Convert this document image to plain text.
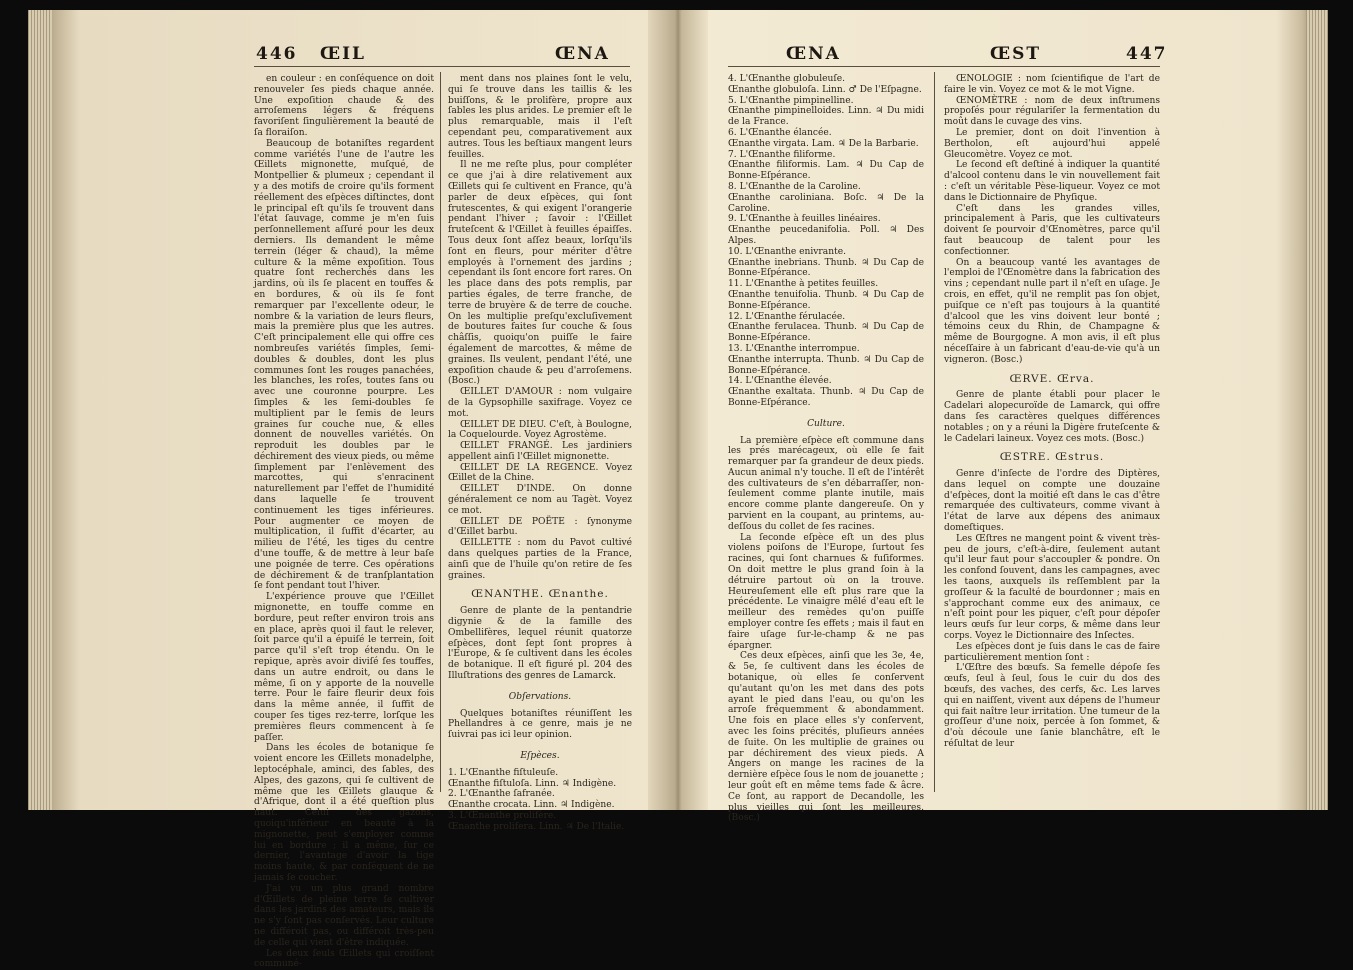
446 ŒIL	ŒNA

en couleur : en conſéquence on doit renouveler ſes pieds chaque année. Une expoſition chaude & des arroſemens légers & fréquens favoriſent ſingulièrement la beauté de ſa floraiſon.

Beaucoup de botaniſtes regardent comme variétés l'une de l'autre les Œillets mignonette, muſqué, de Montpellier & plumeux ; cependant il y a des motifs de croire qu'ils forment réellement des eſpèces diſtinctes, dont le principal eſt qu'ils ſe trouvent dans l'état ſauvage, comme je m'en ſuis perſonnellement aſſuré pour les deux derniers. Ils demandent le même terrein (léger & chaud), la même culture & la même expoſition. Tous quatre ſont recherchés dans les jardins, où ils ſe placent en touffes & en bordures, & où ils ſe font remarquer par l'excellente odeur, le nombre & la variation de leurs fleurs, mais la première plus que les autres. C'eſt principalement elle qui offre ces nombreuſes variétés ſimples, ſemi-doubles & doubles, dont les plus communes ſont les rouges panachées, les blanches, les roſes, toutes ſans ou avec une couronne pourpre. Les ſimples & les ſemi-doubles ſe multiplient par le ſemis de leurs graines ſur couche nue, & elles donnent de nouvelles variétés. On reproduit les doubles par le déchirement des vieux pieds, ou même ſimplement par l'enlèvement des marcottes, qui s'enracinent naturellement par l'effet de l'humidité dans laquelle ſe trouvent continuement les tiges inférieures. Pour augmenter ce moyen de multiplication, il ſuffit d'écarter, au milieu de l'été, les tiges du centre d'une touffe, & de mettre à leur baſe une poignée de terre. Ces opérations de déchirement & de tranſplantation ſe font pendant tout l'hiver.

L'expérience prouve que l'Œillet mignonette, en touffe comme en bordure, peut reſter environ trois ans en place, après quoi il faut le relever, ſoit parce qu'il a épuiſé le terrein, ſoit parce qu'il s'eſt trop étendu. On le repique, après avoir diviſé ſes touffes, dans un autre endroit, ou dans le même, ſi on y apporte de la nouvelle terre. Pour le faire fleurir deux fois dans la même année, il ſuffit de couper ſes tiges rez-terre, lorſque les premières fleurs commencent à ſe paſſer.

Dans les écoles de botanique ſe voient encore les Œillets monadelphe, leptocéphale, aminci, des ſables, des Alpes, des gazons, qui ſe cultivent de même que les Œillets glauque & d'Afrique, dont il a été queſtion plus haut. Celui des gazons, quoiqu'inférieur en beauté à la mignonette, peut s'employer comme lui en bordure ; il a même, ſur ce dernier, l'avantage d'avoir la tige moins haute, & par conſéquent de ne jamais ſe coucher.

J'ai vu un plus grand nombre d'Œillets de pleine terre ſe cultiver dans les jardins des amateurs, mais ils ne s'y ſont pas conſervés. Leur culture ne différoit pas, ou différoit très-peu de celle qui vient d'être indiquée.

Les deux ſeuls Œillets qui croiſſent communé-

ment dans nos plaines ſont le velu, qui ſe trouve dans les taillis & les buiſſons, & le prolifère, propre aux ſables les plus arides. Le premier eſt le plus remarquable, mais il l'eſt cependant peu, comparativement aux autres. Tous les beſtiaux mangent leurs feuilles.

Il ne me reſte plus, pour compléter ce que j'ai à dire relativement aux Œillets qui ſe cultivent en France, qu'à parler de deux eſpèces, qui ſont frutescentes, & qui exigent l'orangerie pendant l'hiver ; ſavoir : l'Œillet fruteſcent & l'Œillet à feuilles épaiſſes. Tous deux ſont aſſez beaux, lorſqu'ils ſont en fleurs, pour mériter d'être employés à l'ornement des jardins ; cependant ils ſont encore fort rares. On les place dans des pots remplis, par parties égales, de terre franche, de terre de bruyère & de terre de couche. On les multiplie preſqu'excluſivement de boutures faites ſur couche & ſous châſſis, quoiqu'on puiſſe le faire également de marcottes, & même de graines. Ils veulent, pendant l'été, une expoſition chaude & peu d'arroſemens. (Bosc.)

ŒILLET D'AMOUR : nom vulgaire de la Gypsophille saxifrage. Voyez ce mot.

ŒILLET DE DIEU. C'eſt, à Boulogne, la Coquelourde. Voyez Agrostème.

ŒILLET FRANGÉ. Les jardiniers appellent ainſi l'Œillet mignonette.

ŒILLET DE LA REGENCE. Voyez Œillet de la Chine.

ŒILLET D'INDE. On donne généralement ce nom au Tagèt. Voyez ce mot.

ŒILLET DE POËTE : ſynonyme d'Œillet barbu.

ŒILLETTE : nom du Pavot cultivé dans quelques parties de la France, ainſi que de l'huile qu'on retire de ſes graines.

ŒNANTHE. Œnanthe.

Genre de plante de la pentandrie digynie & de la famille des Ombellifères, lequel réunit quatorze eſpèces, dont ſept ſont propres à l'Europe, & ſe cultivent dans les écoles de botanique. Il eſt figuré pl. 204 des Illuſtrations des genres de Lamarck.

Obſervations.

Quelques botaniſtes réuniſſent les Phellandres à ce genre, mais je ne ſuivrai pas ici leur opinion.

Eſpèces.

1. L'Œnanthe fiſtuleuſe.

Œnanthe fiſtuloſa. Linn. ♃ Indigène.

2. L'Œnanthe ſafranée.

Œnanthe crocata. Linn. ♃ Indigène.

3. L'Œnanthe prolifère.

Œnanthe prolifera. Linn. ♃ De l'Italie.

ŒNA	ŒST	447

4. L'Œnanthe globuleuſe.

Œnanthe globuloſa. Linn. ♂ De l'Eſpagne.

5. L'Œnanthe pimpinelline.

Œnanthe pimpinelloides. Linn. ♃ Du midi de la France.

6. L'Œnanthe élancée.

Œnanthe virgata. Lam. ♃ De la Barbarie.

7. L'Œnanthe filiforme.

Œnanthe filiformis. Lam. ♃ Du Cap de Bonne-Eſpérance.

8. L'Œnanthe de la Caroline.

Œnanthe caroliniana. Boſc. ♃ De la Caroline.

9. L'Œnanthe à feuilles linéaires.

Œnanthe peucedanifolia. Poll. ♃ Des Alpes.

10. L'Œnanthe enivrante.

Œnanthe inebrians. Thunb. ♃ Du Cap de Bonne-Eſpérance.

11. L'Œnanthe à petites feuilles.

Œnanthe tenuifolia. Thunb. ♃ Du Cap de Bonne-Eſpérance.

12. L'Œnanthe férulacée.

Œnanthe ferulacea. Thunb. ♃ Du Cap de Bonne-Eſpérance.

13. L'Œnanthe interrompue.

Œnanthe interrupta. Thunb. ♃ Du Cap de Bonne-Eſpérance.

14. L'Œnanthe élevée.

Œnanthe exaltata. Thunb. ♃ Du Cap de Bonne-Eſpérance.

Culture.

La première eſpèce eſt commune dans les prés marécageux, où elle ſe fait remarquer par ſa grandeur de deux pieds. Aucun animal n'y touche. Il eſt de l'intérêt des cultivateurs de s'en débarraſſer, non-ſeulement comme plante inutile, mais encore comme plante dangereuſe. On y parvient en la coupant, au printems, au-deſſous du collet de ſes racines.

La ſeconde eſpèce eſt un des plus violens poiſons de l'Europe, ſurtout ſes racines, qui ſont charnues & fuſiformes. On doit mettre le plus grand ſoin à la détruire partout où on la trouve. Heureuſement elle eſt plus rare que la précédente. Le vinaigre mêlé d'eau eſt le meilleur des remèdes qu'on puiſſe employer contre ſes effets ; mais il faut en faire uſage ſur-le-champ & ne pas épargner.

Ces deux eſpèces, ainſi que les 3e, 4e, & 5e, ſe cultivent dans les écoles de botanique, où elles ſe conſervent qu'autant qu'on les met dans des pots ayant le pied dans l'eau, ou qu'on les arroſe fréquemment & abondamment. Une fois en place elles s'y conſervent, avec les ſoins précités, pluſieurs années de ſuite. On les multiplie de graines ou par déchirement des vieux pieds. A Angers on mange les racines de la dernière eſpèce ſous le nom de jouanette ; leur goût eſt en même tems fade & âcre. Ce ſont, au rapport de Decandolle, les plus vieilles qui ſont les meilleures. (Bosc.)

ŒNOLOGIE : nom ſcientifique de l'art de faire le vin. Voyez ce mot & le mot Vigne.

ŒNOMÈTRE : nom de deux inſtrumens propoſés pour régulariſer la fermentation du moût dans le cuvage des vins.

Le premier, dont on doit l'invention à Bertholon, eſt aujourd'hui appelé Gleucomètre. Voyez ce mot.

Le ſecond eſt deſtiné à indiquer la quantité d'alcool contenu dans le vin nouvellement fait : c'eſt un véritable Pèse-liqueur. Voyez ce mot dans le Dictionnaire de Phyſique.

C'eſt dans les grandes villes, principalement à Paris, que les cultivateurs doivent ſe pourvoir d'Œnomètres, parce qu'il faut beaucoup de talent pour les confectionner.

On a beaucoup vanté les avantages de l'emploi de l'Œnomètre dans la fabrication des vins ; cependant nulle part il n'eſt en uſage. Je crois, en effet, qu'il ne remplit pas ſon objet, puiſque ce n'eſt pas toujours à la quantité d'alcool que les vins doivent leur bonté ; témoins ceux du Rhin, de Champagne & même de Bourgogne. A mon avis, il eſt plus néceſſaire à un fabricant d'eau-de-vie qu'à un vigneron. (Bosc.)

ŒRVE. Œrva.

Genre de plante établi pour placer le Cadelari alopecuroïde de Lamarck, qui offre dans ſes caractères quelques différences notables ; on y a réuni la Digère fruteſcente & le Cadelari laineux. Voyez ces mots. (Bosc.)

ŒSTRE. Œstrus.

Genre d'inſecte de l'ordre des Diptères, dans lequel on compte une douzaine d'eſpèces, dont la moitié eſt dans le cas d'être remarquée des cultivateurs, comme vivant à l'état de larve aux dépens des animaux domeſtiques.

Les Œſtres ne mangent point & vivent très-peu de jours, c'eſt-à-dire, ſeulement autant qu'il leur faut pour s'accoupler & pondre. On les confond ſouvent, dans les campagnes, avec les taons, auxquels ils reſſemblent par la groſſeur & la faculté de bourdonner ; mais en s'approchant comme eux des animaux, ce n'eſt point pour les piquer, c'eſt pour dépoſer leurs œufs ſur leur corps, & même dans leur corps. Voyez le Dictionnaire des Inſectes.

Les eſpèces dont je ſuis dans le cas de faire particulièrement mention ſont :

L'Œſtre des bœufs. Sa femelle dépoſe ſes œufs, ſeul à ſeul, ſous le cuir du dos des bœufs, des vaches, des cerfs, &c. Les larves qui en naiſſent, vivent aux dépens de l'humeur qui fait naître leur irritation. Une tumeur de la groſſeur d'une noix, percée à ſon ſommet, & d'où découle une ſanie blanchâtre, eſt le réſultat de leur
